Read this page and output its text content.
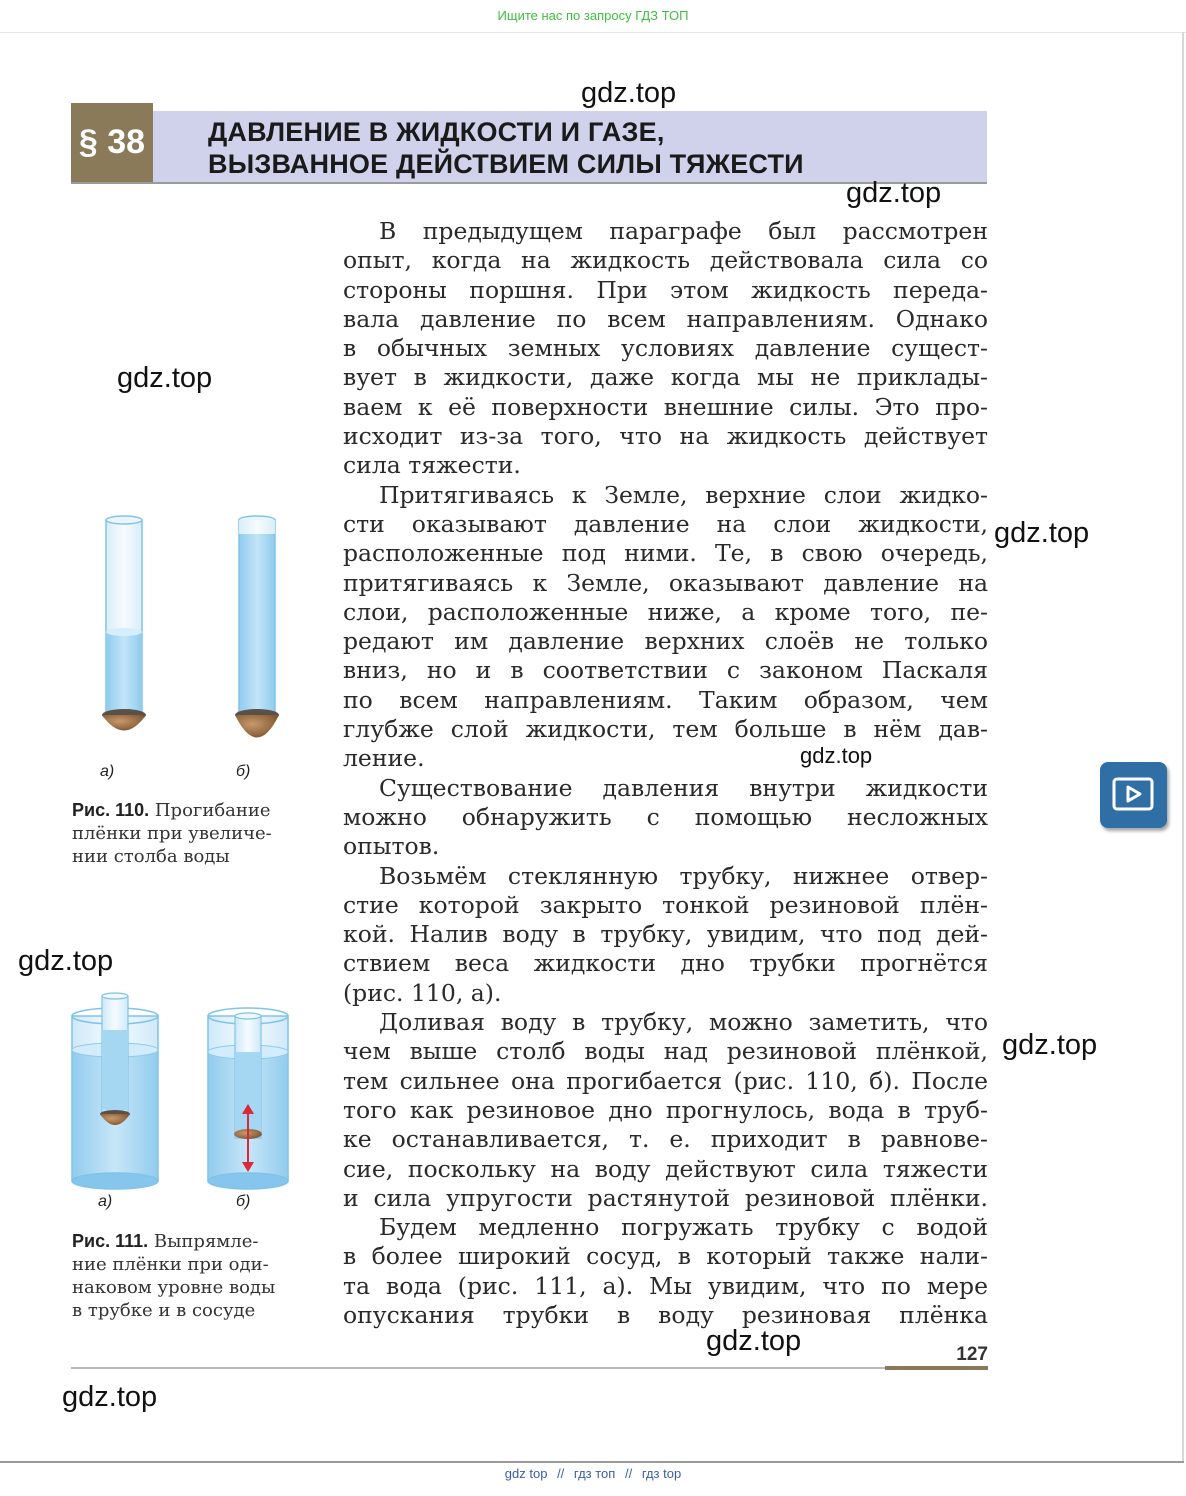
Ищите нас по запросу ГДЗ ТОП
§ 38 ДАВЛЕНИЕ В ЖИДКОСТИ И ГАЗЕ,
ВЫЗВАННОЕ ДЕЙСТВИЕМ СИЛЫ ТЯЖЕСТИ
В предыдущем параграфе был рассмотрен
опыт, когда на жидкость действовала сила со
стороны поршня. При этом жидкость переда-
вала давление по всем направлениям. Однако
в обычных земных условиях давление сущест-
вует в жидкости, даже когда мы не приклады-
ваем к её поверхности внешние силы. Это про-
исходит из-за того, что на жидкость действует
сила тяжести.
Притягиваясь к Земле, верхние слои жидко-
сти оказывают давление на слои жидкости,
расположенные под ними. Те, в свою очередь,
притягиваясь к Земле, оказывают давление на
слои, расположенные ниже, а кроме того, пе-
редают им давление верхних слоёв не только
вниз, но и в соответствии с законом Паскаля
по всем направлениям. Таким образом, чем
глубже слой жидкости, тем больше в нём дав-
ление.
Существование давления внутри жидкости
можно обнаружить с помощью несложных
опытов.
Возьмём стеклянную трубку, нижнее отвер-
стие которой закрыто тонкой резиновой плён-
кой. Налив воду в трубку, увидим, что под дей-
ствием веса жидкости дно трубки прогнётся
(рис. 110, а).
Доливая воду в трубку, можно заметить, что
чем выше столб воды над резиновой плёнкой,
тем сильнее она прогибается (рис. 110, б). После
того как резиновое дно прогнулось, вода в труб-
ке останавливается, т. е. приходит в равнове-
сие, поскольку на воду действуют сила тяжести
и сила упругости растянутой резиновой плёнки.
Будем медленно погружать трубку с водой
в более широкий сосуд, в который также нали-
та вода (рис. 111, а). Мы увидим, что по мере
опускания трубки в воду резиновая плёнка
а)	б)
Рис. 110. Прогибание
плёнки при увеличе-
нии столба воды
а)	б)
Рис. 111. Выпрямле-
ние плёнки при оди-
наковом уровне воды
в трубке и в сосуде
127
gdz.top
gdz.top
gdz.top
gdz.top
gdz.top
gdz.top
gdz.top
gdz.top
gdz.top
gdz top // гдз топ // гдз top
